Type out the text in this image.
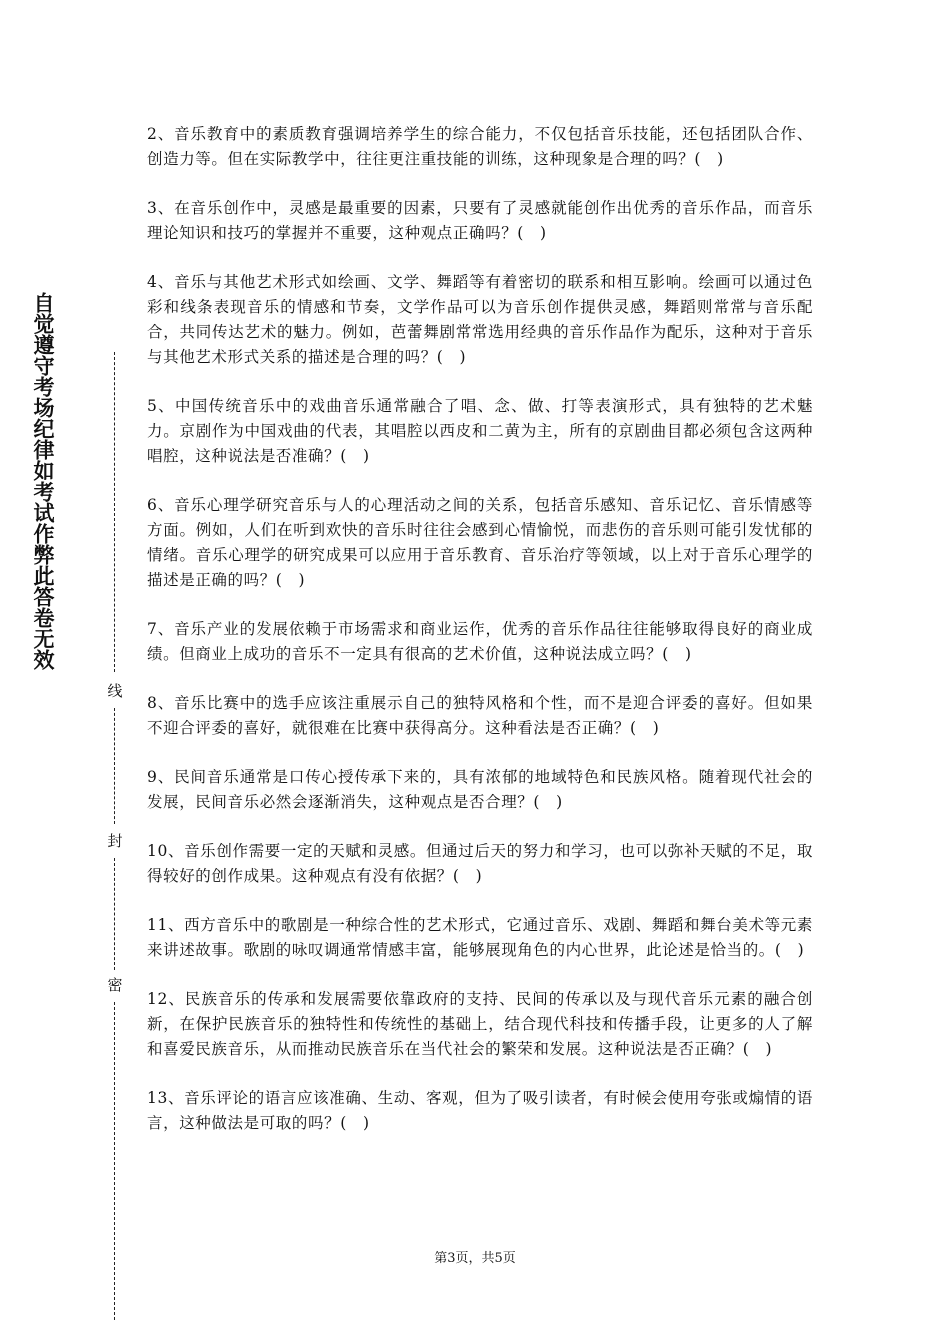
自觉遵守考场纪律如考试作弊此答卷无效
线
封
密

2、音乐教育中的素质教育强调培养学生的综合能力，不仅包括音乐技能，还包括团队合作、创造力等。但在实际教学中，往往更注重技能的训练，这种现象是合理的吗？(　)

3、在音乐创作中，灵感是最重要的因素，只要有了灵感就能创作出优秀的音乐作品，而音乐理论知识和技巧的掌握并不重要，这种观点正确吗？(　)

4、音乐与其他艺术形式如绘画、文学、舞蹈等有着密切的联系和相互影响。绘画可以通过色彩和线条表现音乐的情感和节奏，文学作品可以为音乐创作提供灵感，舞蹈则常常与音乐配合，共同传达艺术的魅力。例如，芭蕾舞剧常常选用经典的音乐作品作为配乐，这种对于音乐与其他艺术形式关系的描述是合理的吗？(　)

5、中国传统音乐中的戏曲音乐通常融合了唱、念、做、打等表演形式，具有独特的艺术魅力。京剧作为中国戏曲的代表，其唱腔以西皮和二黄为主，所有的京剧曲目都必须包含这两种唱腔，这种说法是否准确？(　)

6、音乐心理学研究音乐与人的心理活动之间的关系，包括音乐感知、音乐记忆、音乐情感等方面。例如，人们在听到欢快的音乐时往往会感到心情愉悦，而悲伤的音乐则可能引发忧郁的情绪。音乐心理学的研究成果可以应用于音乐教育、音乐治疗等领域，以上对于音乐心理学的描述是正确的吗？(　)

7、音乐产业的发展依赖于市场需求和商业运作，优秀的音乐作品往往能够取得良好的商业成绩。但商业上成功的音乐不一定具有很高的艺术价值，这种说法成立吗？(　)

8、音乐比赛中的选手应该注重展示自己的独特风格和个性，而不是迎合评委的喜好。但如果不迎合评委的喜好，就很难在比赛中获得高分。这种看法是否正确？(　)

9、民间音乐通常是口传心授传承下来的，具有浓郁的地域特色和民族风格。随着现代社会的发展，民间音乐必然会逐渐消失，这种观点是否合理？(　)

10、音乐创作需要一定的天赋和灵感。但通过后天的努力和学习，也可以弥补天赋的不足，取得较好的创作成果。这种观点有没有依据？(　)

11、西方音乐中的歌剧是一种综合性的艺术形式，它通过音乐、戏剧、舞蹈和舞台美术等元素来讲述故事。歌剧的咏叹调通常情感丰富，能够展现角色的内心世界，此论述是恰当的。(　)

12、民族音乐的传承和发展需要依靠政府的支持、民间的传承以及与现代音乐元素的融合创新，在保护民族音乐的独特性和传统性的基础上，结合现代科技和传播手段，让更多的人了解和喜爱民族音乐，从而推动民族音乐在当代社会的繁荣和发展。这种说法是否正确？(　)

13、音乐评论的语言应该准确、生动、客观，但为了吸引读者，有时候会使用夸张或煽情的语言，这种做法是可取的吗？(　)

第3页，共5页
